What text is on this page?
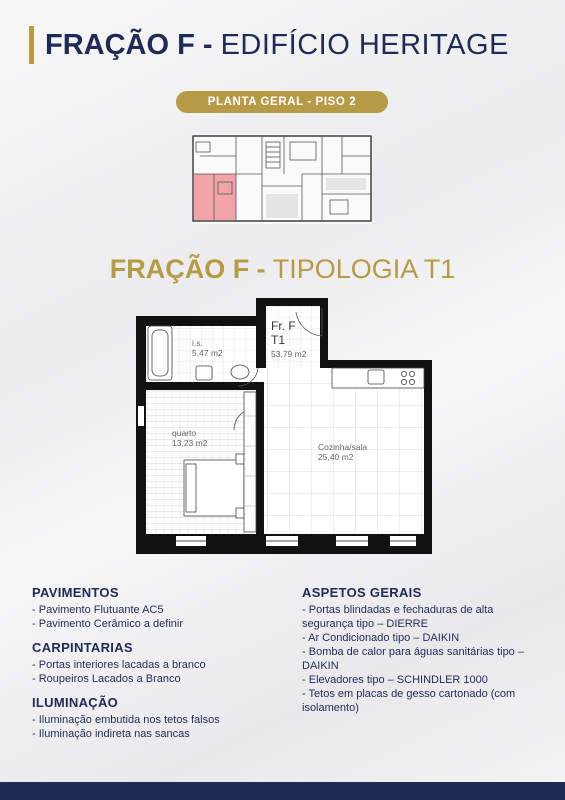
FRAÇÃO F - EDIFÍCIO HERITAGE
PLANTA GERAL - PISO 2
FRAÇÃO F - TIPOLOGIA T1
Fr. F
T1
53,79 m2
i.s.
5,47 m2
quarto
13,23 m2	Cozinha/sala
25,40 m2
PAVIMENTOS
- Pavimento Flutuante AC5
- Pavimento Cerâmico a definir
CARPINTARIAS
- Portas interiores lacadas a branco
- Roupeiros Lacados a Branco
ILUMINAÇÃO
- Iluminação embutida nos tetos falsos
- Iluminação indireta nas sancas
ASPETOS GERAIS
- Portas blindadas e fechaduras de alta segurança tipo – DIERRE
- Ar Condicionado tipo – DAIKIN
- Bomba de calor para águas sanitárias tipo – DAIKIN
- Elevadores tipo – SCHINDLER 1000
- Tetos em placas de gesso cartonado (com isolamento)
